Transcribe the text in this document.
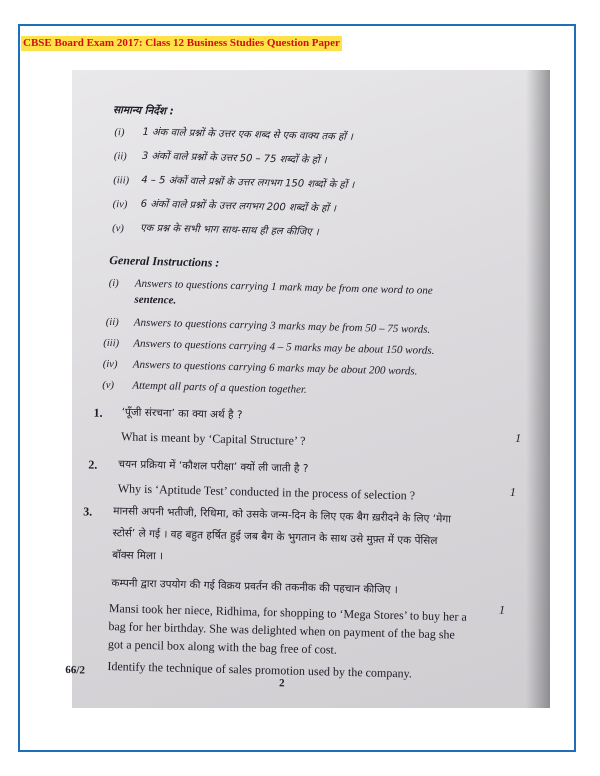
CBSE Board Exam 2017: Class 12 Business Studies Question Paper
सामान्य निर्देश :
(i) 1 अंक वाले प्रश्नों के उत्तर एक शब्द से एक वाक्य तक हों ।
(ii) 3 अंकों वाले प्रश्नों के उत्तर 50 – 75 शब्दों के हों ।
(iii) 4 – 5 अंकों वाले प्रश्नों के उत्तर लगभग 150 शब्दों के हों ।
(iv) 6 अंकों वाले प्रश्नों के उत्तर लगभग 200 शब्दों के हों ।
(v) एक प्रश्न के सभी भाग साथ-साथ ही हल कीजिए ।
General Instructions :
(i) Answers to questions carrying 1 mark may be from one word to one
sentence.
(ii) Answers to questions carrying 3 marks may be from 50 – 75 words.
(iii) Answers to questions carrying 4 – 5 marks may be about 150 words.
(iv) Answers to questions carrying 6 marks may be about 200 words.
(v) Attempt all parts of a question together.
1. ‘पूँजी संरचना’ का क्या अर्थ है ?
What is meant by ‘Capital Structure’ ?	1
2. चयन प्रक्रिया में ‘कौशल परीक्षा’ क्यों ली जाती है ?
Why is ‘Aptitude Test’ conducted in the process of selection ?	1
3. मानसी अपनी भतीजी, रिधिमा, को उसके जन्म-दिन के लिए एक बैग ख़रीदने के लिए ‘मेगा
स्टोर्स’ ले गई । वह बहुत हर्षित हुई जब बैग के भुगतान के साथ उसे मुफ़्त में एक पेंसिल
बॉक्स मिला ।
कम्पनी द्वारा उपयोग की गई विक्रय प्रवर्तन की तकनीक की पहचान कीजिए ।
Mansi took her niece, Ridhima, for shopping to ‘Mega Stores’ to buy her a
bag for her birthday. She was delighted when on payment of the bag she
got a pencil box along with the bag free of cost.
Identify the technique of sales promotion used by the company.
1
66/2
2
